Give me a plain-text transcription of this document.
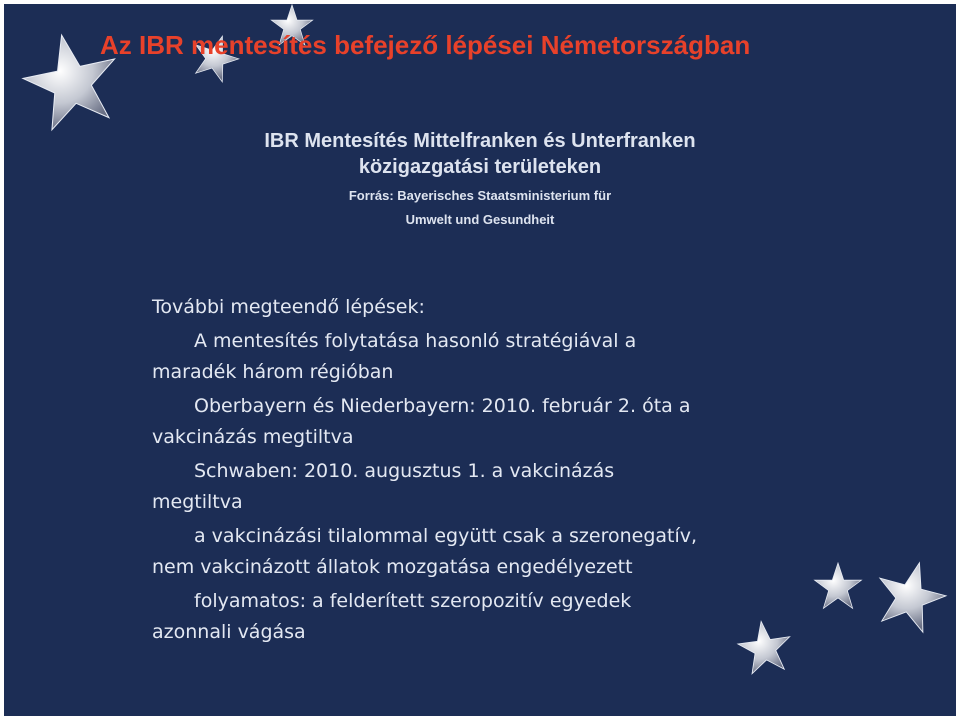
Az IBR mentesítés befejező lépései Németországban
IBR Mentesítés Mittelfranken és Unterfranken
közigazgatási területeken
Forrás: Bayerisches Staatsministerium für
Umwelt und Gesundheit

További megteendő lépések:

A mentesítés folytatása hasonló stratégiával a
maradék három régióban

Oberbayern és Niederbayern: 2010. február 2. óta a
vakcinázás megtiltva

Schwaben: 2010. augusztus 1. a vakcinázás
megtiltva

a vakcinázási tilalommal együtt csak a szeronegatív,
nem vakcinázott állatok mozgatása engedélyezett

folyamatos: a felderített szeropozitív egyedek
azonnali vágása
